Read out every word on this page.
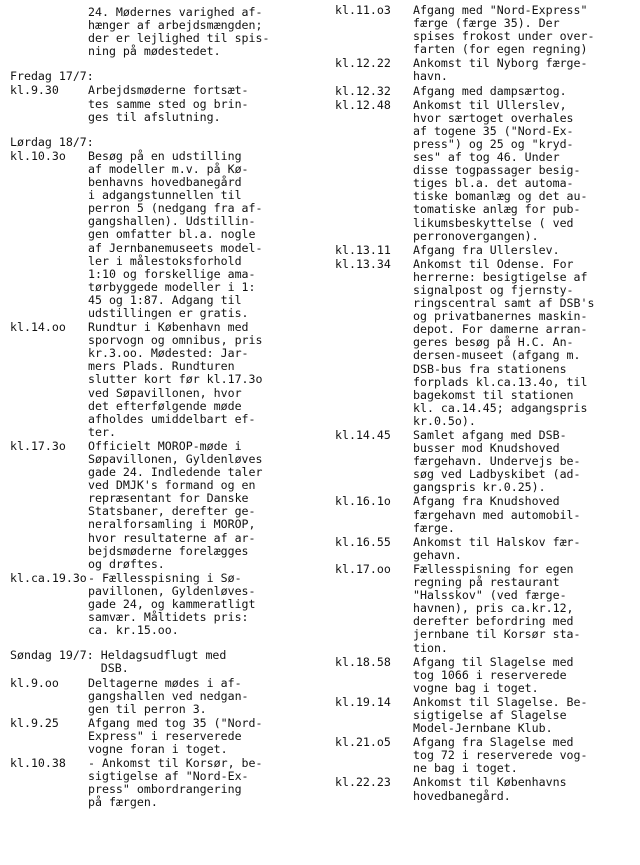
24. Mødernes varighed af-
hænger af arbejdsmængden;
der er lejlighed til spis-
ning på mødestedet.
Fredag 17/7:
kl.9.30	Arbejdsmøderne fortsæt-
tes samme sted og brin-
ges til afslutning.
Lørdag 18/7:
kl.10.3o	Besøg på en udstilling
af modeller m.v. på Kø-
benhavns hovedbanegård
i adgangstunnellen til
perron 5 (nedgang fra af-
gangshallen). Udstillin-
gen omfatter bl.a. nogle
af Jernbanemuseets model-
ler i målestoksforhold
1:10 og forskellige ama-
tørbyggede modeller i 1:
45 og 1:87. Adgang til
udstillingen er gratis.
kl.14.oo	Rundtur i København med
sporvogn og omnibus, pris
kr.3.oo. Mødested: Jar-
mers Plads. Rundturen
slutter kort før kl.17.3o
ved Søpavillonen, hvor
det efterfølgende møde
afholdes umiddelbart ef-
ter.
kl.17.3o	Officielt MOROP-møde i
Søpavillonen, Gyldenløves
gade 24. Indledende taler
ved DMJK's formand og en
repræsentant for Danske
Statsbaner, derefter ge-
neralforsamling i MOROP,
hvor resultaterne af ar-
bejdsmøderne forelægges
og drøftes.
kl.ca.19.3o - Fællesspisning i Sø-
pavillonen, Gyldenløves-
gade 24, og kammeratligt
samvær. Måltidets pris:
ca. kr.15.oo.
Søndag 19/7:
Heldagsudflugt med
DSB.
kl.9.oo	Deltagerne mødes i af-
gangshallen ved nedgan-
gen til perron 3.
kl.9.25	Afgang med tog 35 ("Nord-
Express" i reserverede
vogne foran i toget.
kl.10.38	- Ankomst til Korsør, be-
sigtigelse af "Nord-Ex-
press" ombordrangering
på færgen.
kl.11.o3	Afgang med "Nord-Express"
færge (færge 35). Der
spises frokost under over-
farten (for egen regning)
kl.12.22	Ankomst til Nyborg færge-
havn.
kl.12.32	Afgang med dampsærtog.
kl.12.48	Ankomst til Ullerslev,
hvor særtoget overhales
af togene 35 ("Nord-Ex-
press") og 25 og "kryd-
ses" af tog 46. Under
disse togpassager besig-
tiges bl.a. det automa-
tiske bomanlæg og det au-
tomatiske anlæg for pub-
likumsbeskyttelse ( ved
perronovergangen).
kl.13.11	Afgang fra Ullerslev.
kl.13.34	Ankomst til Odense. For
herrerne: besigtigelse af
signalpost og fjernsty-
ringscentral samt af DSB's
og privatbanernes maskin-
depot. For damerne arran-
geres besøg på H.C. An-
dersen-museet (afgang m.
DSB-bus fra stationens
forplads kl.ca.13.4o, til
bagekomst til stationen
kl. ca.14.45; adgangspris
kr.0.5o).
kl.14.45	Samlet afgang med DSB-
busser mod Knudshoved
færgehavn. Undervejs be-
søg ved Ladbyskibet (ad-
gangspris kr.0.25).
kl.16.1o	Afgang fra Knudshoved
færgehavn med automobil-
færge.
kl.16.55	Ankomst til Halskov fær-
gehavn.
kl.17.oo	Fællesspisning for egen
regning på restaurant
"Halsskov" (ved færge-
havnen), pris ca.kr.12,
derefter befordring med
jernbane til Korsør sta-
tion.
kl.18.58	Afgang til Slagelse med
tog 1066 i reserverede
vogne bag i toget.
kl.19.14	Ankomst til Slagelse. Be-
sigtigelse af Slagelse
Model-Jernbane Klub.
kl.21.o5	Afgang fra Slagelse med
tog 72 i reserverede vog-
ne bag i toget.
kl.22.23	Ankomst til Københavns
hovedbanegård.
